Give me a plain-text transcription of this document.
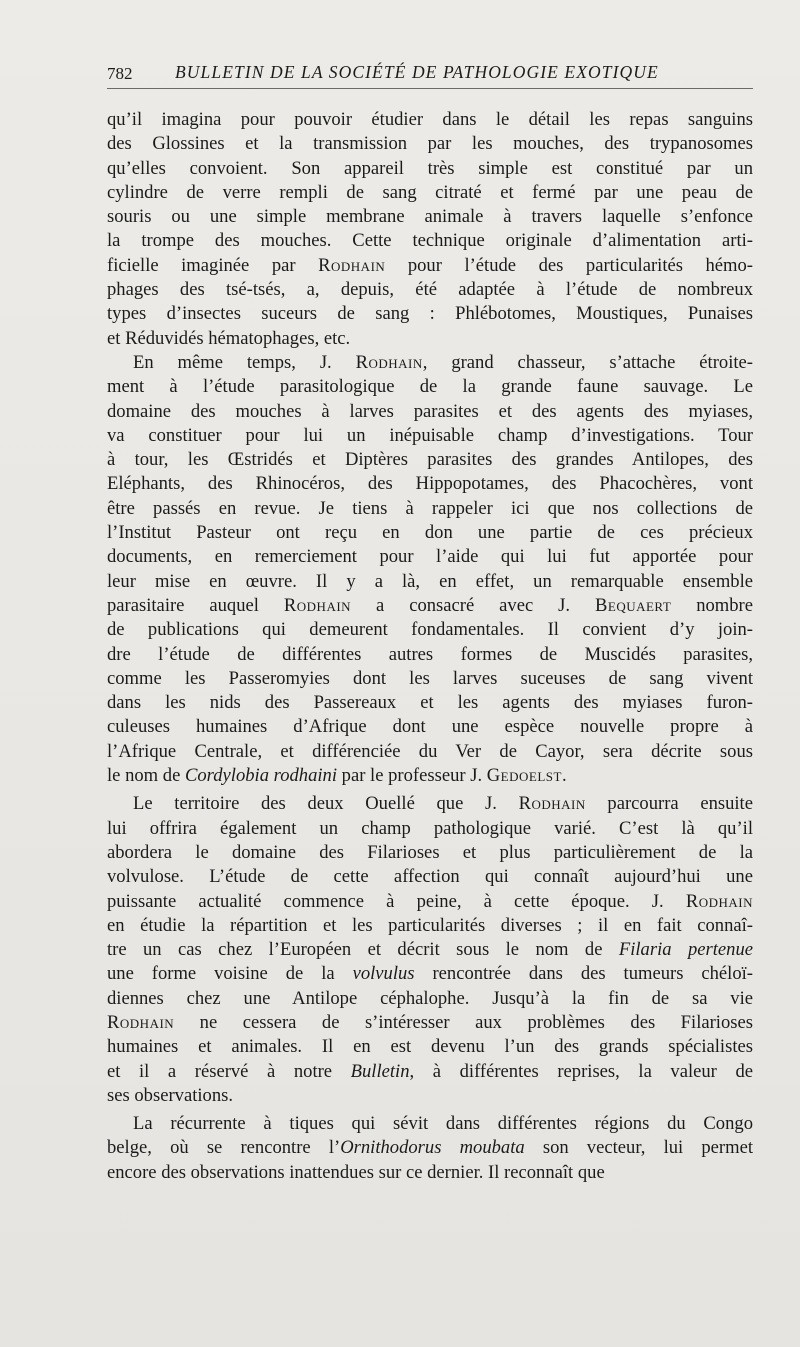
782 BULLETIN DE LA SOCIÉTÉ DE PATHOLOGIE EXOTIQUE
qu’il imagina pour pouvoir étudier dans le détail les repas sanguins
des Glossines et la transmission par les mouches, des trypanosomes
qu’elles convoient. Son appareil très simple est constitué par un
cylindre de verre rempli de sang citraté et fermé par une peau de
souris ou une simple membrane animale à travers laquelle s’enfonce
la trompe des mouches. Cette technique originale d’alimentation arti-
ficielle imaginée par Rodhain pour l’étude des particularités hémo-
phages des tsé-tsés, a, depuis, été adaptée à l’étude de nombreux
types d’insectes suceurs de sang : Phlébotomes, Moustiques, Punaises
et Réduvidés hématophages, etc.
En même temps, J. Rodhain, grand chasseur, s’attache étroite-
ment à l’étude parasitologique de la grande faune sauvage. Le
domaine des mouches à larves parasites et des agents des myiases,
va constituer pour lui un inépuisable champ d’investigations. Tour
à tour, les Œstridés et Diptères parasites des grandes Antilopes, des
Eléphants, des Rhinocéros, des Hippopotames, des Phacochères, vont
être passés en revue. Je tiens à rappeler ici que nos collections de
l’Institut Pasteur ont reçu en don une partie de ces précieux
documents, en remerciement pour l’aide qui lui fut apportée pour
leur mise en œuvre. Il y a là, en effet, un remarquable ensemble
parasitaire auquel Rodhain a consacré avec J. Bequaert nombre
de publications qui demeurent fondamentales. Il convient d’y join-
dre l’étude de différentes autres formes de Muscidés parasites,
comme les Passeromyies dont les larves suceuses de sang vivent
dans les nids des Passereaux et les agents des myiases furon-
culeuses humaines d’Afrique dont une espèce nouvelle propre à
l’Afrique Centrale, et différenciée du Ver de Cayor, sera décrite sous
le nom de Cordylobia rodhaini par le professeur J. Gedoelst.
Le territoire des deux Ouellé que J. Rodhain parcourra ensuite
lui offrira également un champ pathologique varié. C’est là qu’il
abordera le domaine des Filarioses et plus particulièrement de la
volvulose. L’étude de cette affection qui connaît aujourd’hui une
puissante actualité commence à peine, à cette époque. J. Rodhain
en étudie la répartition et les particularités diverses ; il en fait connaî-
tre un cas chez l’Européen et décrit sous le nom de Filaria pertenue
une forme voisine de la volvulus rencontrée dans des tumeurs chéloï-
diennes chez une Antilope céphalophe. Jusqu’à la fin de sa vie
Rodhain ne cessera de s’intéresser aux problèmes des Filarioses
humaines et animales. Il en est devenu l’un des grands spécialistes
et il a réservé à notre Bulletin, à différentes reprises, la valeur de
ses observations.
La récurrente à tiques qui sévit dans différentes régions du Congo
belge, où se rencontre l’Ornithodorus moubata son vecteur, lui permet
encore des observations inattendues sur ce dernier. Il reconnaît que
